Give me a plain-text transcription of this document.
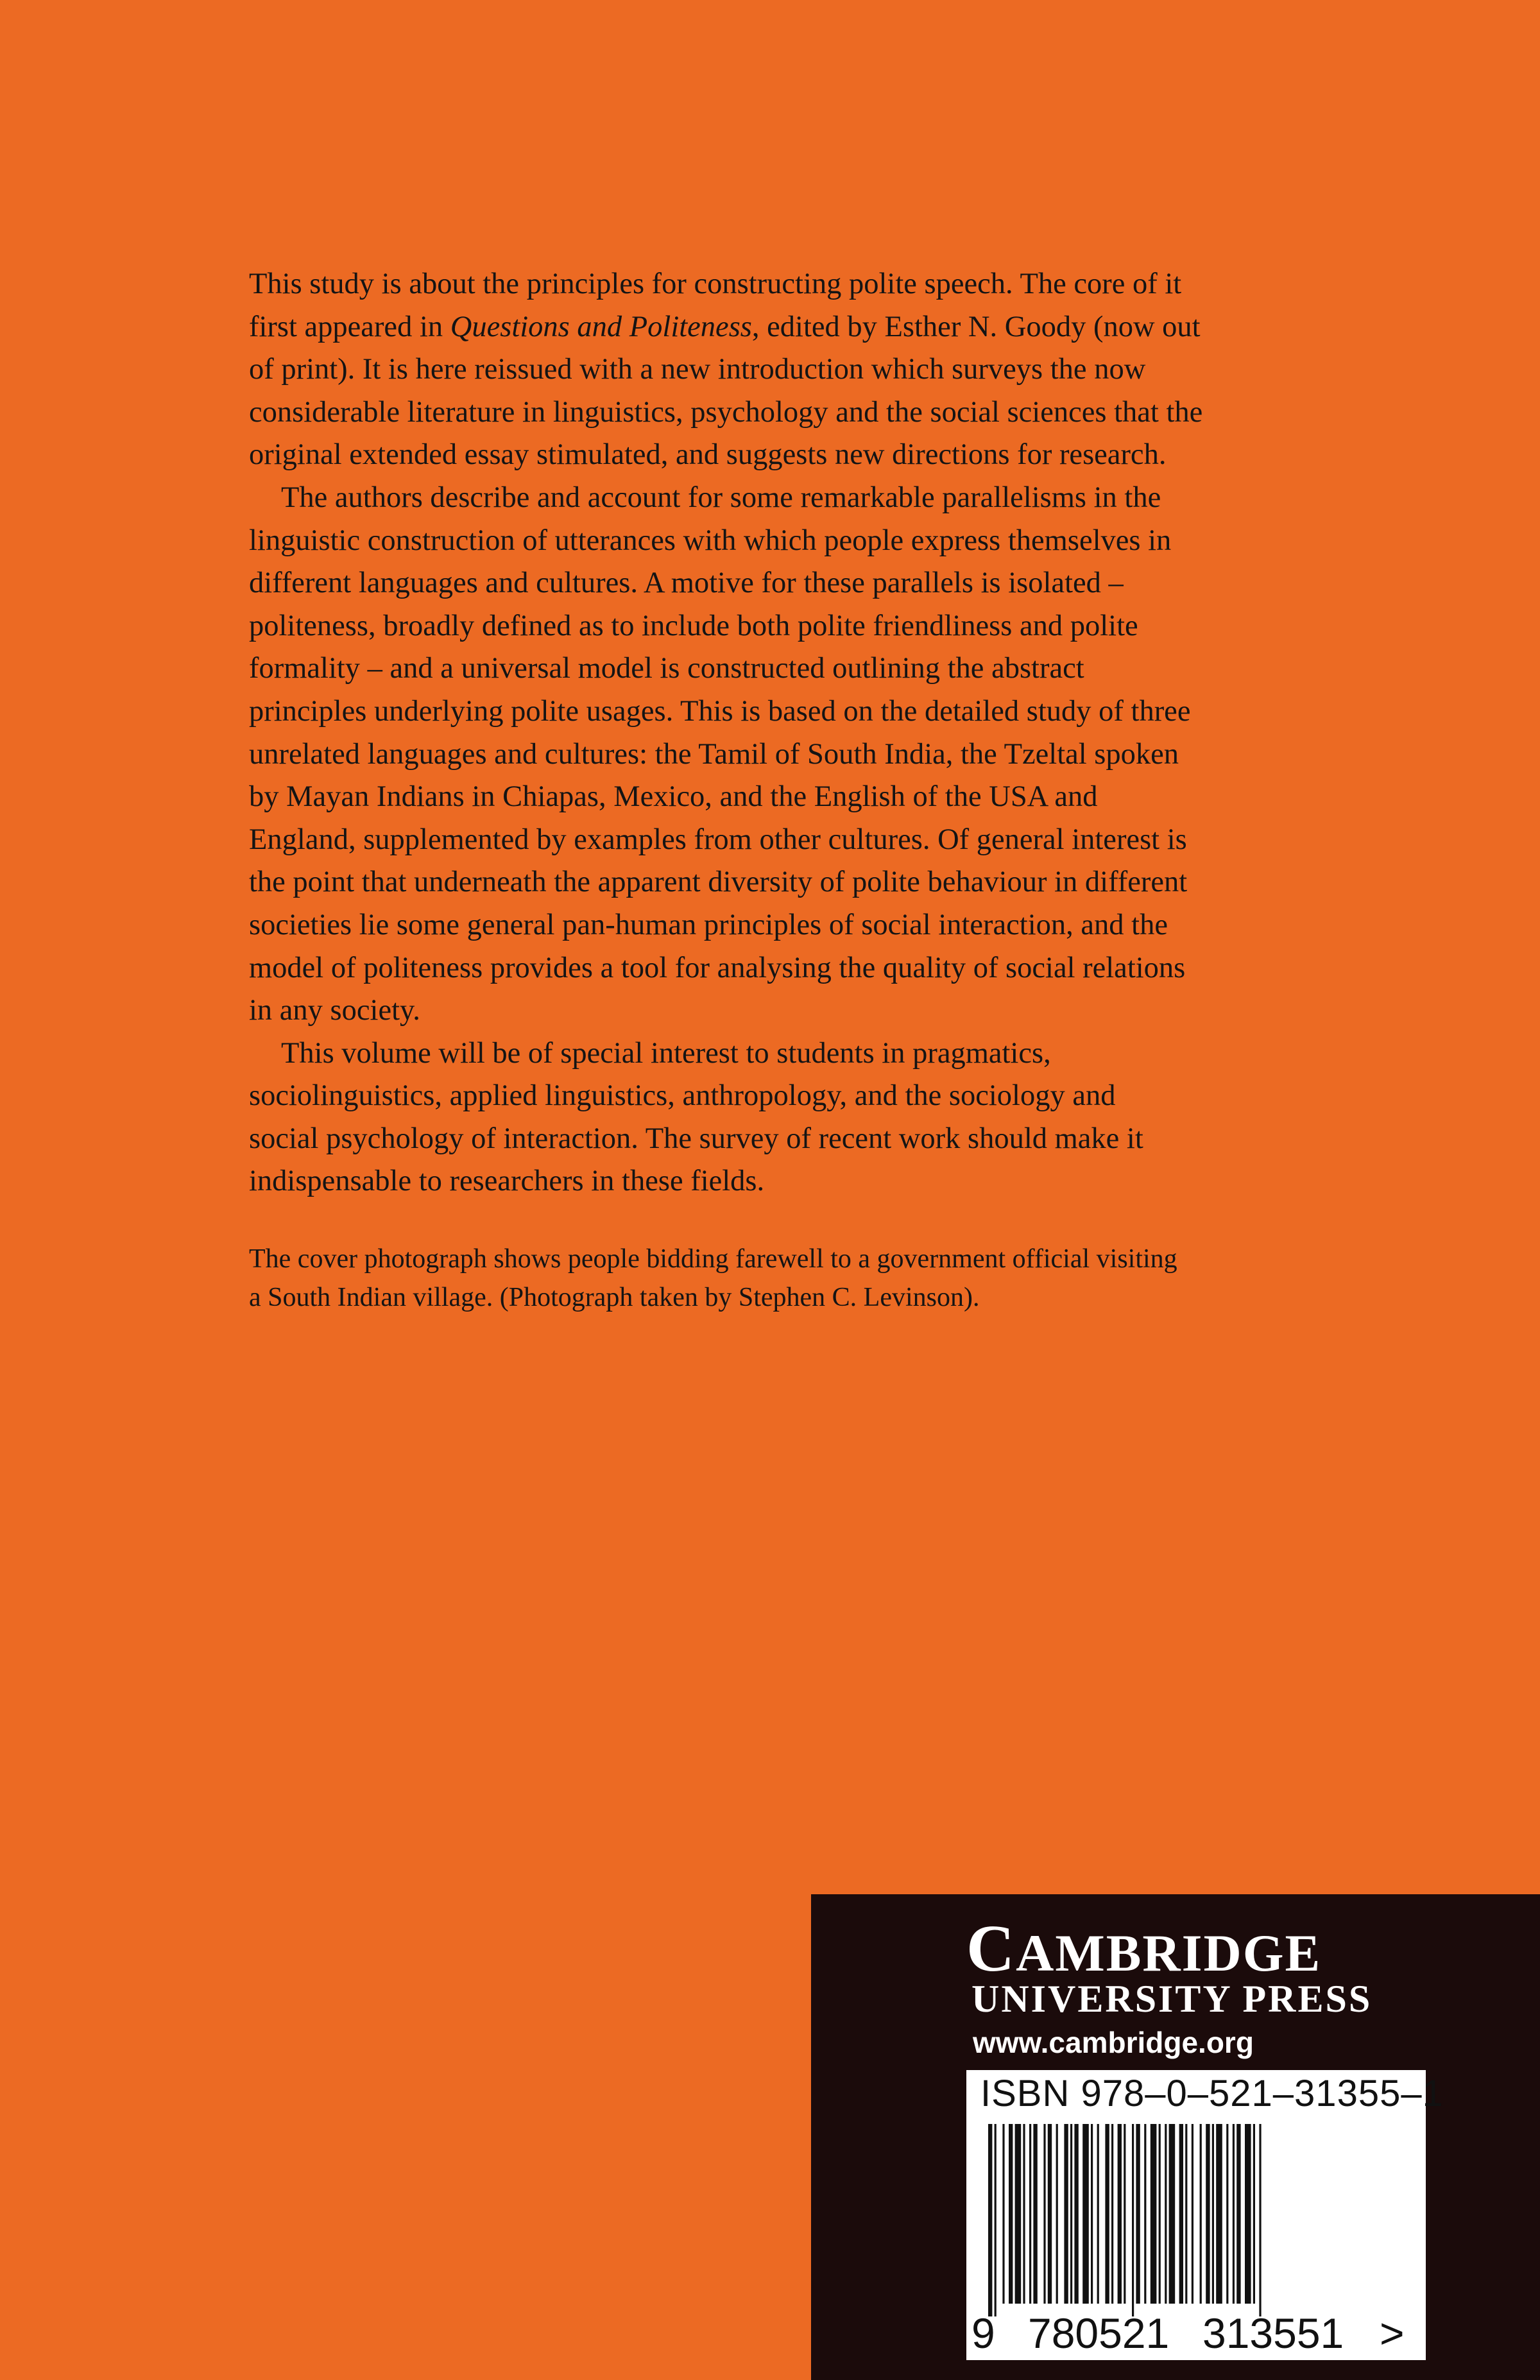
This study is about the principles for constructing polite speech. The core of it
first appeared in Questions and Politeness, edited by Esther N. Goody (now out
of print). It is here reissued with a new introduction which surveys the now
considerable literature in linguistics, psychology and the social sciences that the
original extended essay stimulated, and suggests new directions for research.

The authors describe and account for some remarkable parallelisms in the
linguistic construction of utterances with which people express themselves in
different languages and cultures. A motive for these parallels is isolated –
politeness, broadly defined as to include both polite friendliness and polite
formality – and a universal model is constructed outlining the abstract
principles underlying polite usages. This is based on the detailed study of three
unrelated languages and cultures: the Tamil of South India, the Tzeltal spoken
by Mayan Indians in Chiapas, Mexico, and the English of the USA and
England, supplemented by examples from other cultures. Of general interest is
the point that underneath the apparent diversity of polite behaviour in different
societies lie some general pan-human principles of social interaction, and the
model of politeness provides a tool for analysing the quality of social relations
in any society.

This volume will be of special interest to students in pragmatics,
sociolinguistics, applied linguistics, anthropology, and the sociology and
social psychology of interaction. The survey of recent work should make it
indispensable to researchers in these fields.

The cover photograph shows people bidding farewell to a government official visiting
a South Indian village. (Photograph taken by Stephen C. Levinson).
CAMBRIDGE
UNIVERSITY PRESS
www.cambridge.org
ISBN 978–0–521–31355–1
9 780521 313551 >
